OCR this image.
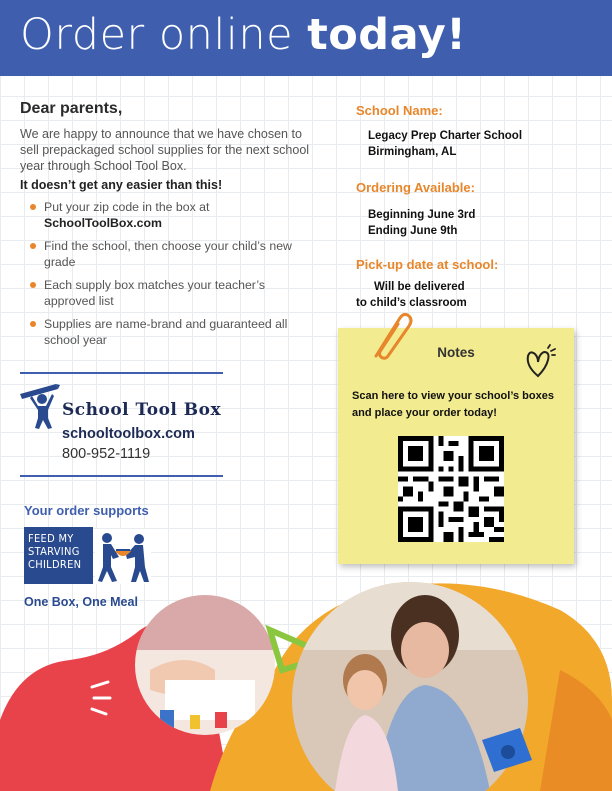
Order online today!
Dear parents,
We are happy to announce that we have chosen to sell prepackaged school supplies for the next school year through School Tool Box.
It doesn’t get any easier than this!
Put your zip code in the box at
SchoolToolBox.com
Find the school, then choose your child’s new grade
Each supply box matches your teacher’s approved list
Supplies are name-brand and guaranteed all school year
School Tool Box
schooltoolbox.com
800-952-1119
Your order supports
FEED MY
STARVING
CHILDREN
One Box, One Meal
School Name:
Legacy Prep Charter School
Birmingham, AL
Ordering Available:
Beginning June 3rd
Ending June 9th
Pick-up date at school:
Will be delivered
to child’s classroom
Notes
Scan here to view your school’s boxes and place your order today!
